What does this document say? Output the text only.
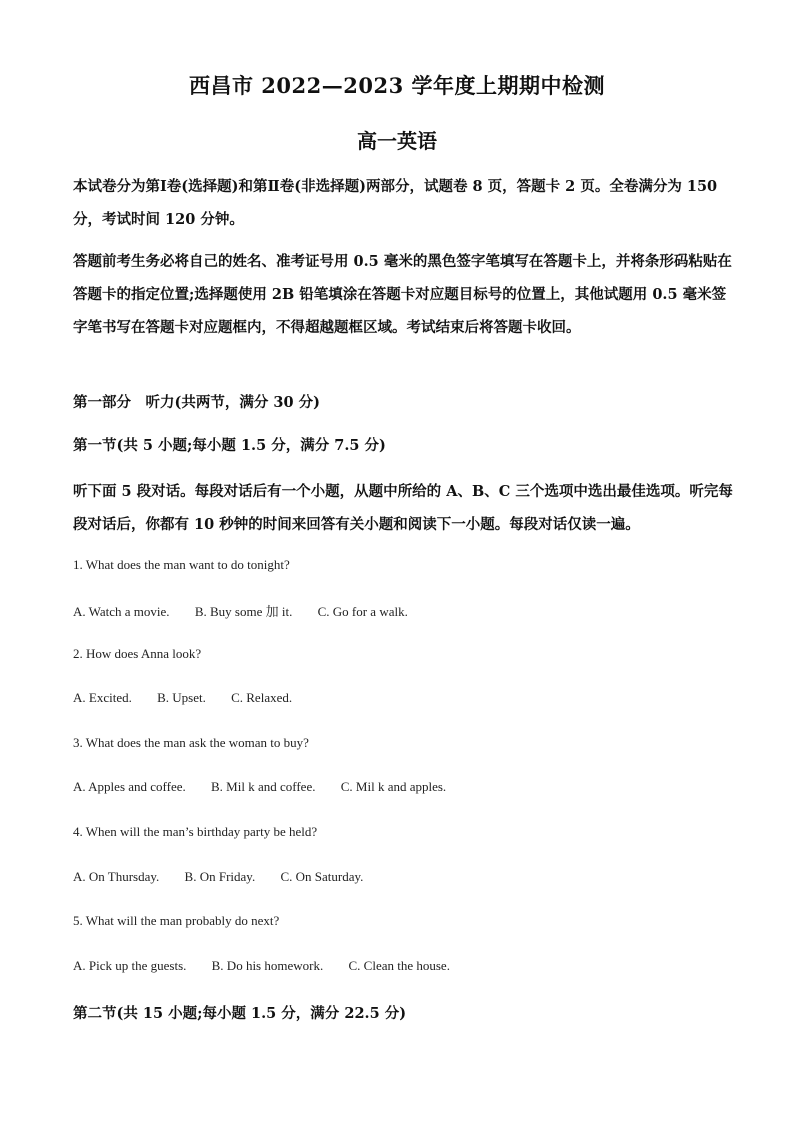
西昌市 2022—2023 学年度上期期中检测
高一英语
本试卷分为第Ⅰ卷(选择题)和第Ⅱ卷(非选择题)两部分，试题卷 8 页，答题卡 2 页。全卷满分为 150 分，考试时间 120 分钟。
答题前考生务必将自己的姓名、准考证号用 0.5 毫米的黑色签字笔填写在答题卡上，并将条形码粘贴在答题卡的指定位置;选择题使用 2B 铅笔填涂在答题卡对应题目标号的位置上，其他试题用 0.5 毫米签字笔书写在答题卡对应题框内，不得超越题框区域。考试结束后将答题卡收回。
第一部分　听力(共两节，满分 30 分)
第一节(共 5 小题;每小题 1.5 分，满分 7.5 分)
听下面 5 段对话。每段对话后有一个小题，从题中所给的 A、B、C 三个选项中选出最佳选项。听完每段对话后，你都有 10 秒钟的时间来回答有关小题和阅读下一小题。每段对话仅读一遍。
1. What does the man want to do tonight?
A. Watch a movie. B. Buy some 加 it. C. Go for a walk.
2. How does Anna look?
A. Excited. B. Upset. C. Relaxed.
3. What does the man ask the woman to buy?
A. Apples and coffee. B. Mil k and coffee. C. Mil k and apples.
4. When will the man’s birthday party be held?
A. On Thursday. B. On Friday. C. On Saturday.
5. What will the man probably do next?
A. Pick up the guests. B. Do his homework. C. Clean the house.
第二节(共 15 小题;每小题 1.5 分，满分 22.5 分)
